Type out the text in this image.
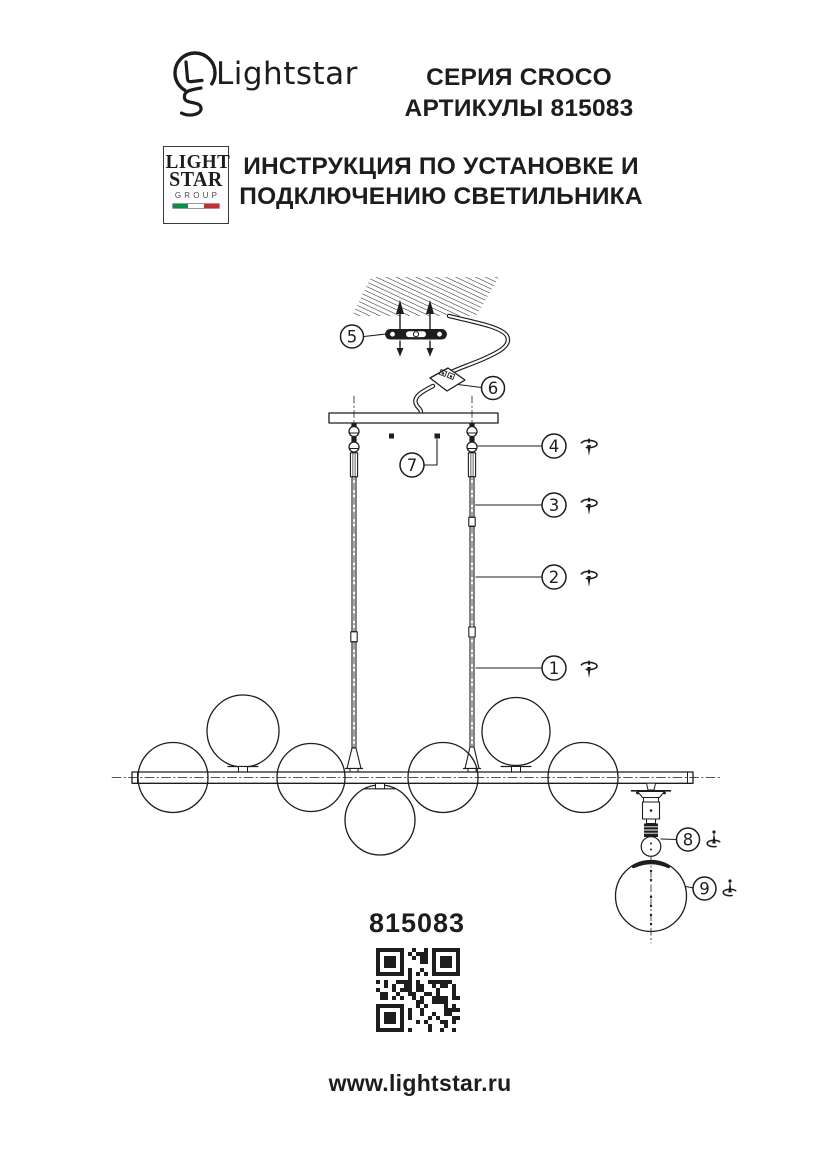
Lightstar	СЕРИЯ CROCO
АРТИКУЛЫ 815083
LIGHT
STAR
GROUP
ИНСТРУКЦИЯ ПО УСТАНОВКЕ И
ПОДКЛЮЧЕНИЮ СВЕТИЛЬНИКА
1
2
3
4
5
6
7
8
9
815083
www.lightstar.ru
